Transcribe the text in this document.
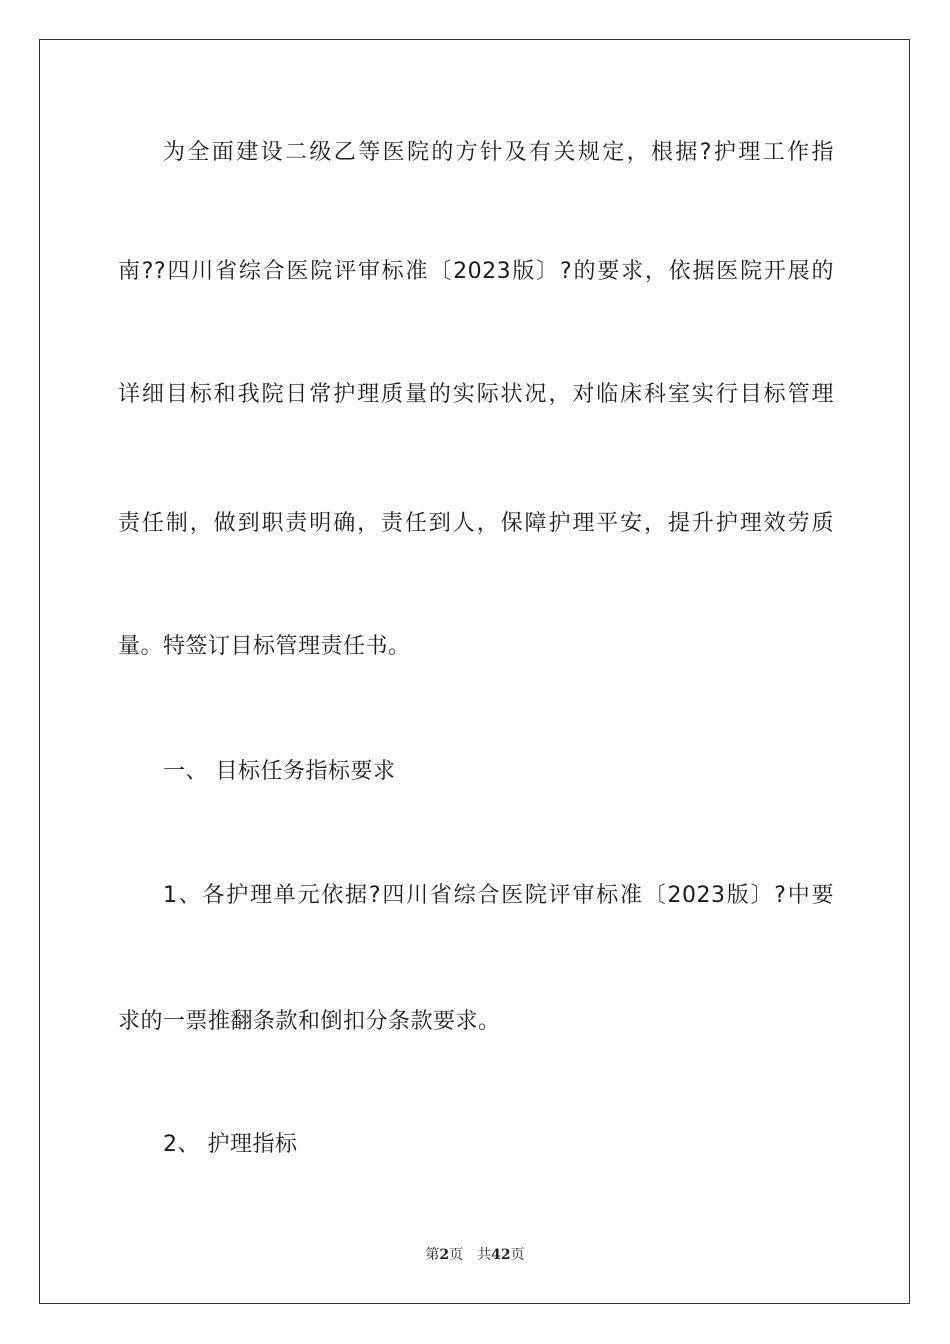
为全面建设二级乙等医院的方针及有关规定，根据?护理工作指
南??四川省综合医院评审标准〔2023版〕?的要求，依据医院开展的
详细目标和我院日常护理质量的实际状况，对临床科室实行目标管理
责任制，做到职责明确，责任到人，保障护理平安，提升护理效劳质
量。特签订目标管理责任书。
一、 目标任务指标要求
1、各护理单元依据?四川省综合医院评审标准〔2023版〕?中要
求的一票推翻条款和倒扣分条款要求。
2、 护理指标
第2页 共42页
